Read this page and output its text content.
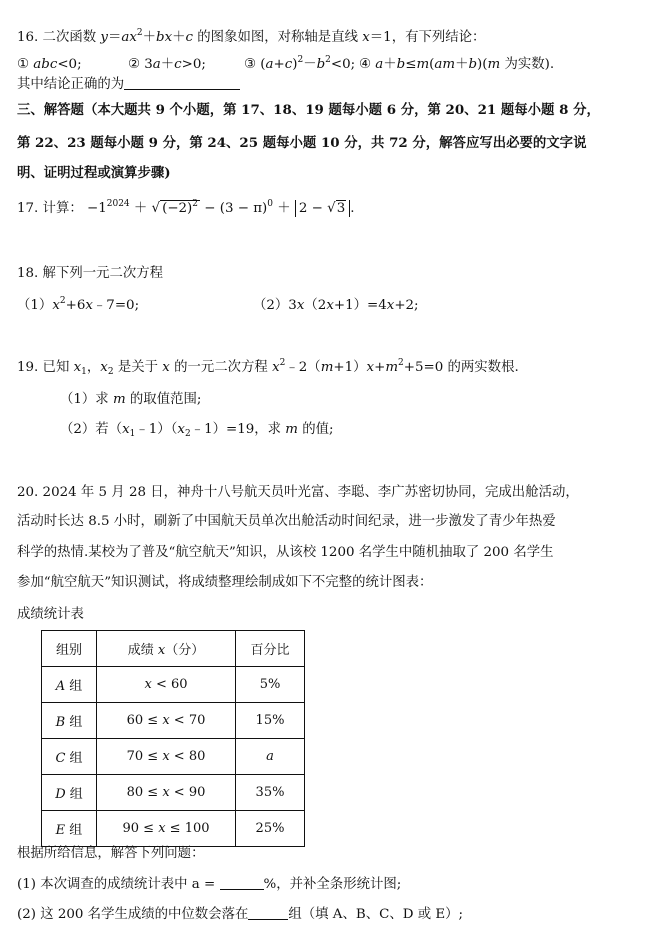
16. 二次函数 $y=ax^2+bx+c$ 的图象如图，对称轴是直线 x＝1，有下列结论：
① abc<0;	② 3a＋c>0;	③ $(a+c)^2-b^2<0$; ④ a＋b≤m(am＋b)(m 为实数).
其中结论正确的为
三、解答题（本大题共 9 个小题，第 17、18、19 题每小题 6 分，第 20、21 题每小题 8 分，
第 22、23 题每小题 9 分，第 24、25 题每小题 10 分，共 72 分，解答应写出必要的文字说
明、证明过程或演算步骤)
17. 计算： $-1^{2024}$ ＋ √ $(-2)^2 - (3 - \pi)^0 + 2 - √3$ .
18. 解下列一元二次方程
$(1)x^2+6x﹣7=0$;	（2）3x（2x+1）=4x+2;
19. 已知 $x_1$，$x_2$ 是关于 x 的一元二次方程 $x^2﹣2(m+1)x+m^2+5=0$ 的两实数根.
（1）求 m 的取值范围;
（2）若$(x_1﹣1)(x_2﹣1)=19$，求 m 的值;
20. 2024 年 5 月 28 日，神舟十八号航天员叶光富、李聪、李广苏密切协同，完成出舱活动，
活动时长达 8.5 小时，刷新了中国航天员单次出舱活动时间纪录，进一步激发了青少年热爱
科学的热情.某校为了普及“航空航天”知识，从该校 1200 名学生中随机抽取了 200 名学生
参加“航空航天”知识测试，将成绩整理绘制成如下不完整的统计图表：
成绩统计表
组别	成绩 x（分）	百分比
A 组	x < 60	5%
B 组	60 ≤ x < 70	15%
C 组	70 ≤ x < 80	a
D 组	80 ≤ x < 90	35%
E 组	90 ≤ x ≤ 100	25%
根据所给信息，解答下列问题：
(1) 本次调查的成绩统计表中 a =	%，并补全条形统计图;
(2) 这 200 名学生成绩的中位数会落在	组（填 A、B、C、D 或 E）;
